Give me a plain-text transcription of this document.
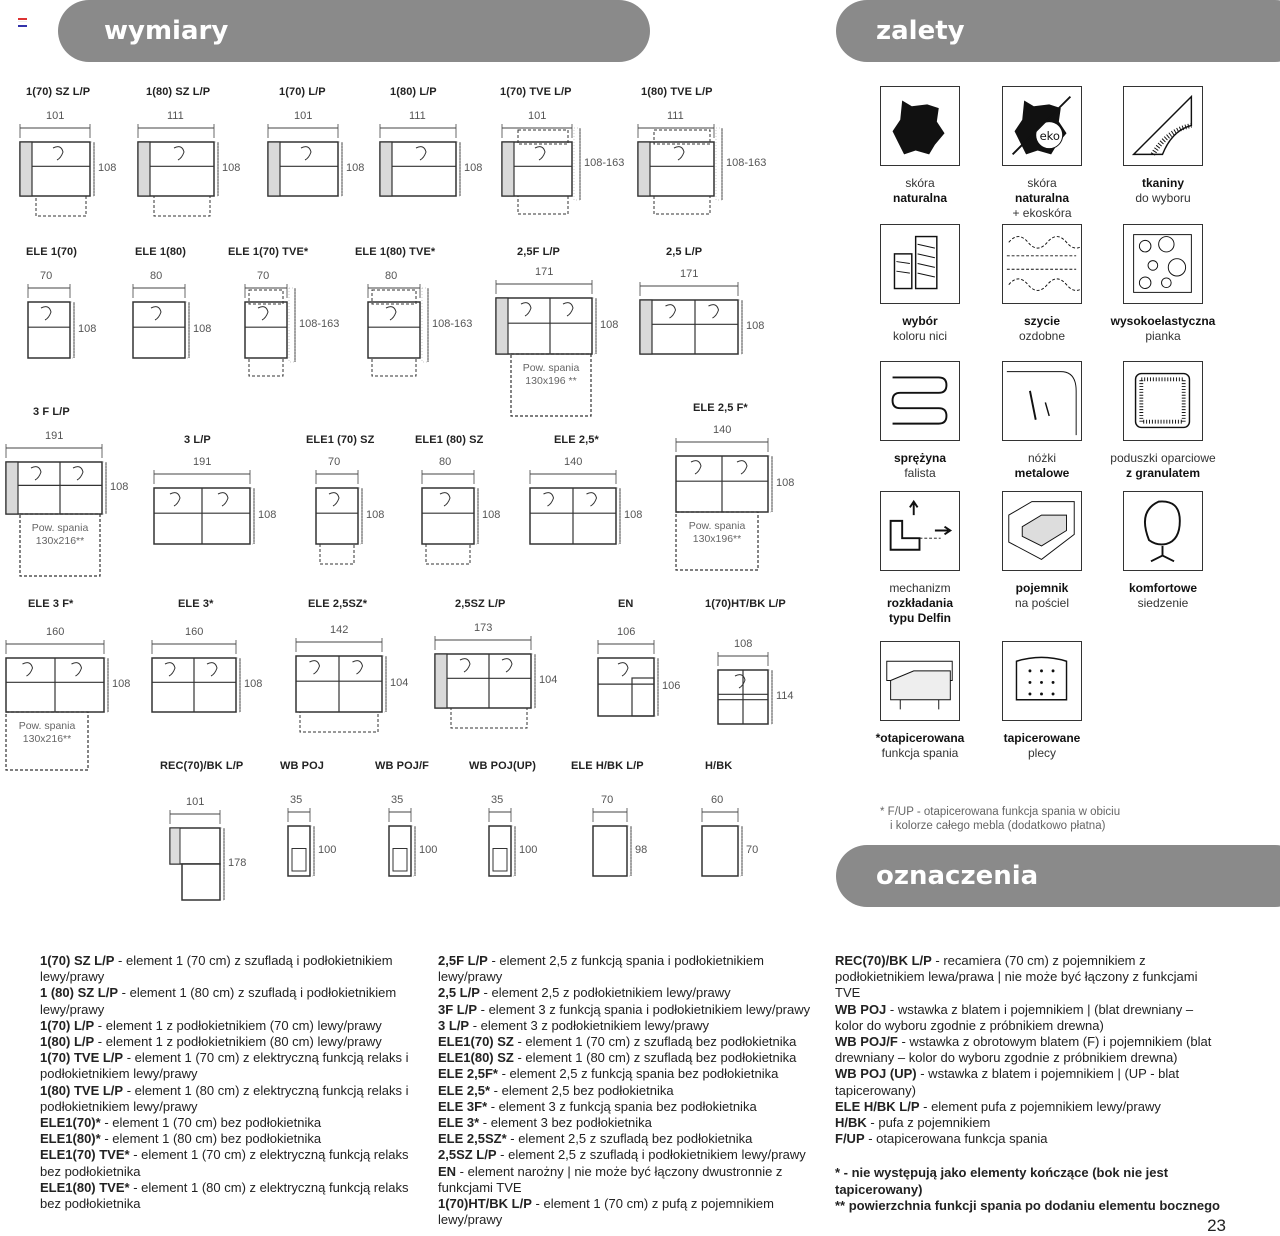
wymiary	zalety
oznaczenia
1(70) SZ L/P
101
108
1(80) SZ L/P
111
108
1(70) L/P
101
108
1(80) L/P
111
108
1(70) TVE L/P
101
108-163
1(80) TVE L/P
111
108-163
ELE 1(70)
70
108
ELE 1(80)
80
108
ELE 1(70) TVE*
70
108-163
ELE 1(80) TVE*
80
108-163
2,5F L/P
171
108
Pow. spania
130x196 **
2,5 L/P
171
108
3 F L/P
191
108
Pow. spania
130x216**
3 L/P
191
108
ELE1 (70) SZ
70
108
ELE1 (80) SZ
80
108
ELE 2,5*
140
108
ELE 2,5 F*
140
108
Pow. spania
130x196**
ELE 3 F*
160
108
Pow. spania
130x216**
ELE 3*
160
108
ELE 2,5SZ*
142
104
2,5SZ L/P
173
104
EN
106
106
1(70)HT/BK L/P
108
114
REC(70)/BK L/P
101
178
WB POJ
35
100
WB POJ/F
35
100
WB POJ(UP)
35
100
ELE H/BK L/P
70
98
H/BK
60
70
skóra
naturalna
eko
skóra
naturalna
+ ekoskóra
tkaniny
do wyboru
wybór
koloru nici
szycie
ozdobne
wysokoelastyczna
pianka
sprężyna
falista
nóżki
metalowe
poduszki oparciowe
z granulatem
mechanizm
rozkładania
typu Delfin
pojemnik
na pościel
komfortowe
siedzenie
*otapicerowana
funkcja spania
tapicerowane
plecy
* F/UP - otapicerowana funkcja spania w obiciu
i kolorze całego mebla (dodatkowo płatna)
1(70) SZ L/P - element 1 (70 cm) z szufladą i podłokietnikiem lewy/prawy
1 (80) SZ L/P - element 1 (80 cm) z szufladą i podłokietnikiem lewy/prawy
1(70) L/P - element 1 z podłokietnikiem (70 cm) lewy/prawy
1(80) L/P - element 1 z podłokietnikiem (80 cm) lewy/prawy
1(70) TVE L/P - element 1 (70 cm) z elektryczną funkcją relaks i podłokietnikiem lewy/prawy
1(80) TVE L/P - element 1 (80 cm) z elektryczną funkcją relaks i podłokietnikiem lewy/prawy
ELE1(70)* - element 1 (70 cm) bez podłokietnika
ELE1(80)* - element 1 (80 cm) bez podłokietnika
ELE1(70) TVE* - element 1 (70 cm) z elektryczną funkcją relaks bez podłokietnika
ELE1(80) TVE* - element 1 (80 cm) z elektryczną funkcją relaks bez podłokietnika
2,5F L/P - element 2,5 z funkcją spania i podłokietnikiem lewy/prawy
2,5 L/P - element 2,5 z podłokietnikiem lewy/prawy
3F L/P - element 3 z funkcją spania i podłokietnikiem lewy/prawy
3 L/P - element 3 z podłokietnikiem lewy/prawy
ELE1(70) SZ - element 1 (70 cm) z szufladą bez podłokietnika
ELE1(80) SZ - element 1 (80 cm) z szufladą bez podłokietnika
ELE 2,5F* - element 2,5 z funkcją spania bez podłokietnika
ELE 2,5* - element 2,5 bez podłokietnika
ELE 3F* - element 3 z funkcją spania bez podłokietnika
ELE 3* - element 3 bez podłokietnika
ELE 2,5SZ* - element 2,5 z szufladą bez podłokietnika
2,5SZ L/P - element 2,5 z szufladą i podłokietnikiem lewy/prawy
EN - element narożny | nie może być łączony dwustronnie z funkcjami TVE
1(70)HT/BK L/P - element 1 (70 cm) z pufą z pojemnikiem lewy/prawy
REC(70)/BK L/P - recamiera (70 cm) z pojemnikiem z podłokietnikiem lewa/prawa | nie może być łączony z funkcjami TVE
WB POJ - wstawka z blatem i pojemnikiem | (blat drewniany – kolor do wyboru zgodnie z próbnikiem drewna)
WB POJ/F - wstawka z obrotowym blatem (F) i pojemnikiem (blat drewniany – kolor do wyboru zgodnie z próbnikiem drewna)
WB POJ (UP) - wstawka z blatem i pojemnikiem | (UP - blat tapicerowany)
ELE H/BK L/P - element pufa z pojemnikiem lewy/prawy
H/BK - pufa z pojemnikiem
F/UP - otapicerowana funkcja spania
* - nie występują jako elementy kończące (bok nie jest tapicerowany)
** powierzchnia funkcji spania po dodaniu elementu bocznego
23
